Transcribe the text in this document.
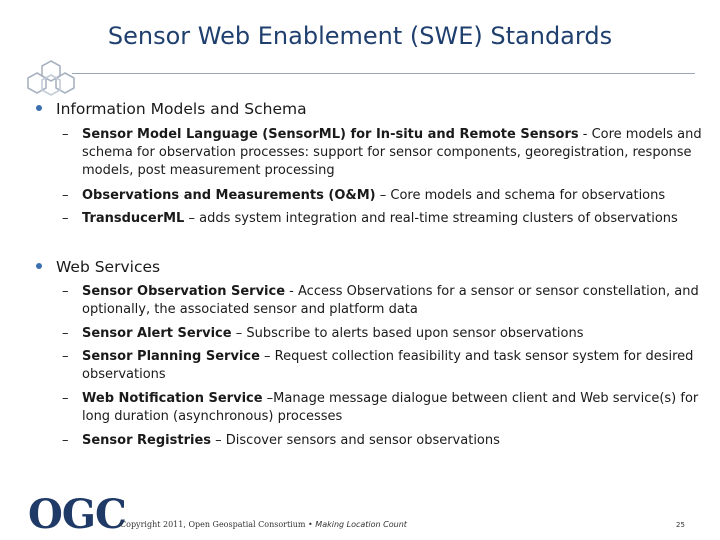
Sensor Web Enablement (SWE) Standards
Information Models and Schema
–	Sensor Model Language (SensorML) for In-situ and Remote Sensors - Core models and schema for observation processes: support for sensor components, georegistration, response models, post measurement processing
–	Observations and Measurements (O&M) – Core models and schema for observations
–	TransducerML – adds system integration and real-time streaming clusters of observations
Web Services
–	Sensor Observation Service - Access Observations for a sensor or sensor constellation, and optionally, the associated sensor and platform data
–	Sensor Alert Service – Subscribe to alerts based upon sensor observations
–	Sensor Planning Service – Request collection feasibility and task sensor system for desired observations
–	Web Notification Service –Manage message dialogue between client and Web service(s) for long duration (asynchronous) processes
–	Sensor Registries – Discover sensors and sensor observations
OGC
Copyright 2011, Open Geospatial Consortium • Making Location Count	25
